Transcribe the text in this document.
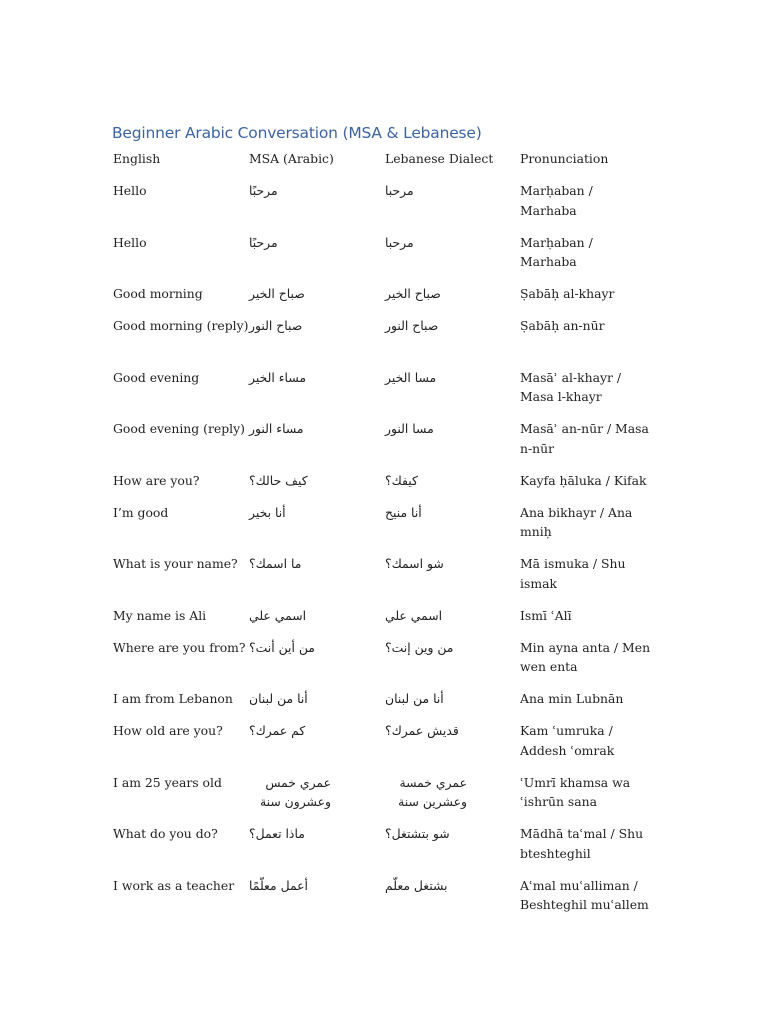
Beginner Arabic Conversation (MSA & Lebanese)
English	MSA (Arabic)	Lebanese Dialect	Pronunciation
Hello	مرحبًا	مرحبا	Marḥaban / Marhaba
Hello	مرحبًا	مرحبا	Marḥaban / Marhaba
Good morning	صباح الخير	صباح الخير	Ṣabāḥ al-khayr
Good morning (reply)	صباح النور	صباح النور	Ṣabāḥ an-nūr
Good evening	مساء الخير	مسا الخير	Masāʾ al-khayr / Masa l-khayr
Good evening (reply)	مساء النور	مسا النور	Masāʾ an-nūr / Masa n-nūr
How are you?	كيف حالك؟	كيفك؟	Kayfa ḥāluka / Kifak
I’m good	أنا بخير	أنا منيح	Ana bikhayr / Ana mniḥ
What is your name?	ما اسمك؟	شو اسمك؟	Mā ismuka / Shu ismak
My name is Ali	اسمي علي	اسمي علي	Ismī ʿAlī
Where are you from?	من أين أنت؟	من وين إنت؟	Min ayna anta / Men wen enta
I am from Lebanon	أنا من لبنان	أنا من لبنان	Ana min Lubnān
How old are you?	كم عمرك؟	قديش عمرك؟	Kam ʿumruka / Addesh ʿomrak
I am 25 years old	عمري خمس وعشرون سنة	عمري خمسة وعشرين سنة	ʿUmrī khamsa wa ʿishrūn sana
What do you do?	ماذا تعمل؟	شو بتشتغل؟	Mādhā taʿmal / Shu bteshteghil
I work as a teacher	أعمل معلّمًا	بشتغل معلّم	Aʿmal muʿalliman / Beshteghil muʿallem
